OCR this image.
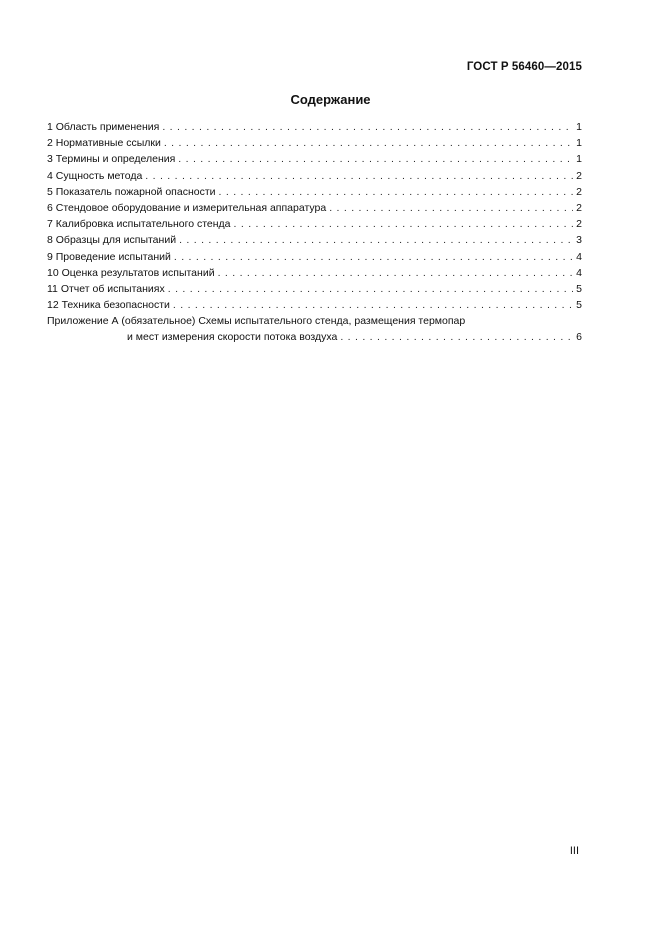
ГОСТ Р 56460—2015
Содержание
1 Область применения . . .	1
2 Нормативные ссылки . . .	1
3 Термины и определения . . .	1
4 Сущность метода . . .	2
5 Показатель пожарной опасности . . .	2
6 Стендовое оборудование и измерительная аппаратура . . .	2
7 Калибровка испытательного стенда . . .	2
8 Образцы для испытаний . . .	3
9 Проведение испытаний . . .	4
10 Оценка результатов испытаний . . .	4
11 Отчет об испытаниях . . .	5
12 Техника безопасности . . .	5
Приложение А (обязательное) Схемы испытательного стенда, размещения термопар
и мест измерения скорости потока воздуха . . .	6
III
